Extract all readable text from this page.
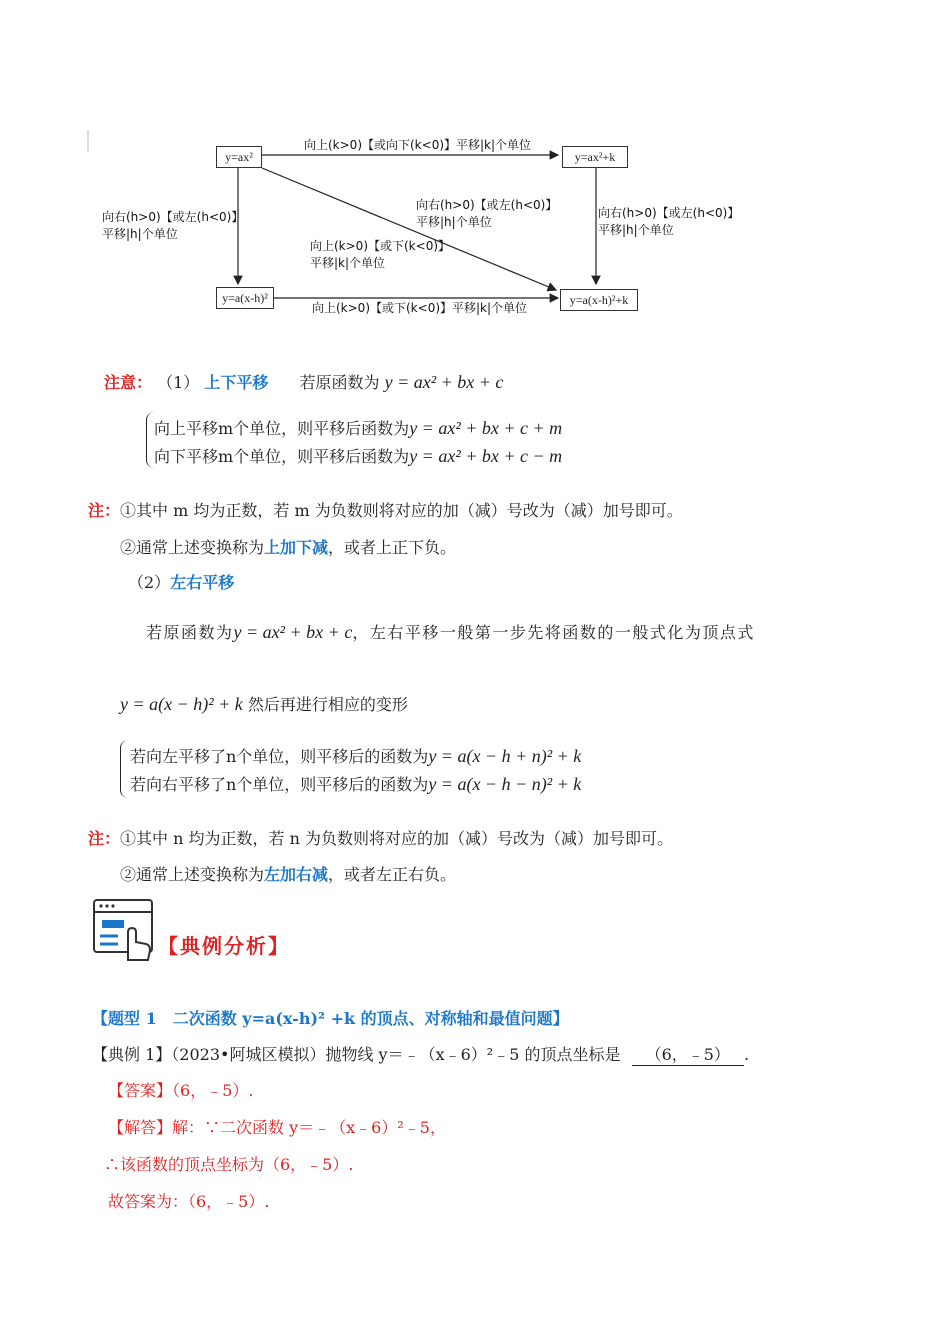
y=ax²	y=ax²+k
y=a(x-h)²	y=a(x-h)²+k
向上(k>0)【或向下(k<0)】平移|k|个单位
向右(h>0)【或左(h<0)】
平移|h|个单位
向右(h>0)【或左(h<0)】
平移|h|个单位
向右(h>0)【或左(h<0)】
平移|h|个单位
向上(k>0)【或下(k<0)】
平移|k|个单位
向上(k>0)【或下(k<0)】平移|k|个单位
注意： （1） 上下平移 若原函数为 y = ax² + bx + c
向上平移m个单位，则平移后函数为y = ax² + bx + c + m
向下平移m个单位，则平移后函数为y = ax² + bx + c − m
注：①其中 m 均为正数，若 m 为负数则将对应的加（减）号改为（减）加号即可。
②通常上述变换称为上加下减，或者上正下负。
（2）左右平移
若原函数为y = ax² + bx + c，左右平移一般第一步先将函数的一般式化为顶点式
y = a(x − h)² + k 然后再进行相应的变形
若向左平移了n个单位，则平移后的函数为y = a(x − h + n)² + k
若向右平移了n个单位，则平移后的函数为y = a(x − h − n)² + k
注：①其中 n 均为正数，若 n 为负数则将对应的加（减）号改为（减）加号即可。
②通常上述变换称为左加右减，或者左正右负。
【典例分析】
【题型 1　二次函数 y=a(x-h)² +k 的顶点、对称轴和最值问题】
【典例 1】（2023•阿城区模拟）抛物线 y＝﹣（x﹣6）²﹣5 的顶点坐标是 （6，﹣5） .
【答案】（6，﹣5）.
【解答】解：∵二次函数 y＝﹣（x﹣6）²﹣5，
∴该函数的顶点坐标为（6，﹣5）.
故答案为：（6，﹣5）.
